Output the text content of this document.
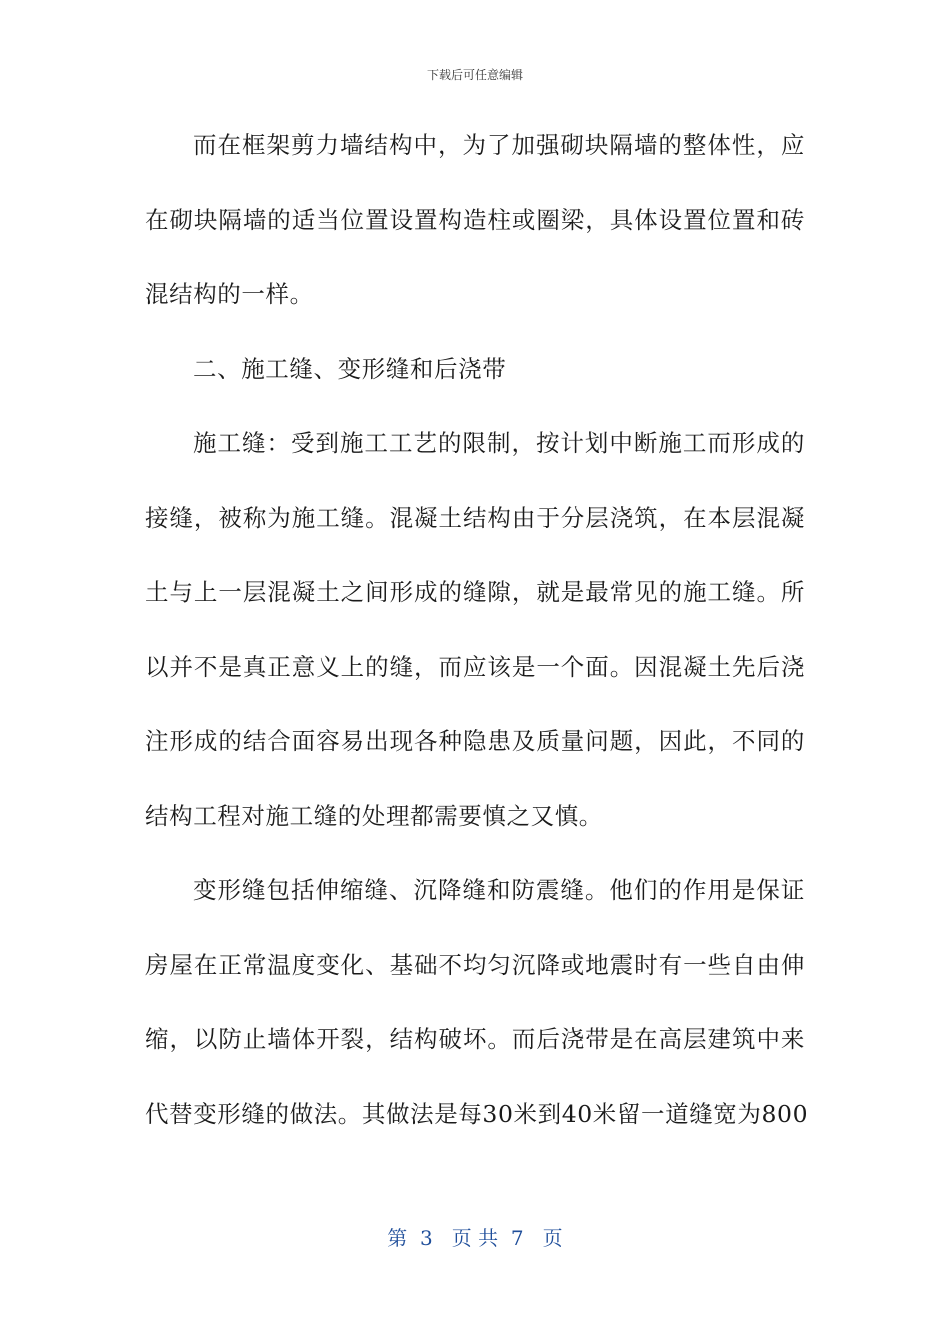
下载后可任意编辑
而在框架剪力墙结构中，为了加强砌块隔墙的整体性，应
在砌块隔墙的适当位置设置构造柱或圈梁，具体设置位置和砖
混结构的一样。
二、施工缝、变形缝和后浇带
施工缝：受到施工工艺的限制，按计划中断施工而形成的
接缝，被称为施工缝。混凝土结构由于分层浇筑，在本层混凝
土与上一层混凝土之间形成的缝隙，就是最常见的施工缝。所
以并不是真正意义上的缝，而应该是一个面。因混凝土先后浇
注形成的结合面容易出现各种隐患及质量问题，因此，不同的
结构工程对施工缝的处理都需要慎之又慎。
变形缝包括伸缩缝、沉降缝和防震缝。他们的作用是保证
房屋在正常温度变化、基础不均匀沉降或地震时有一些自由伸
缩，以防止墙体开裂，结构破坏。而后浇带是在高层建筑中来
代替变形缝的做法。其做法是每30米到40米留一道缝宽为800
第  3   页 共  7   页
